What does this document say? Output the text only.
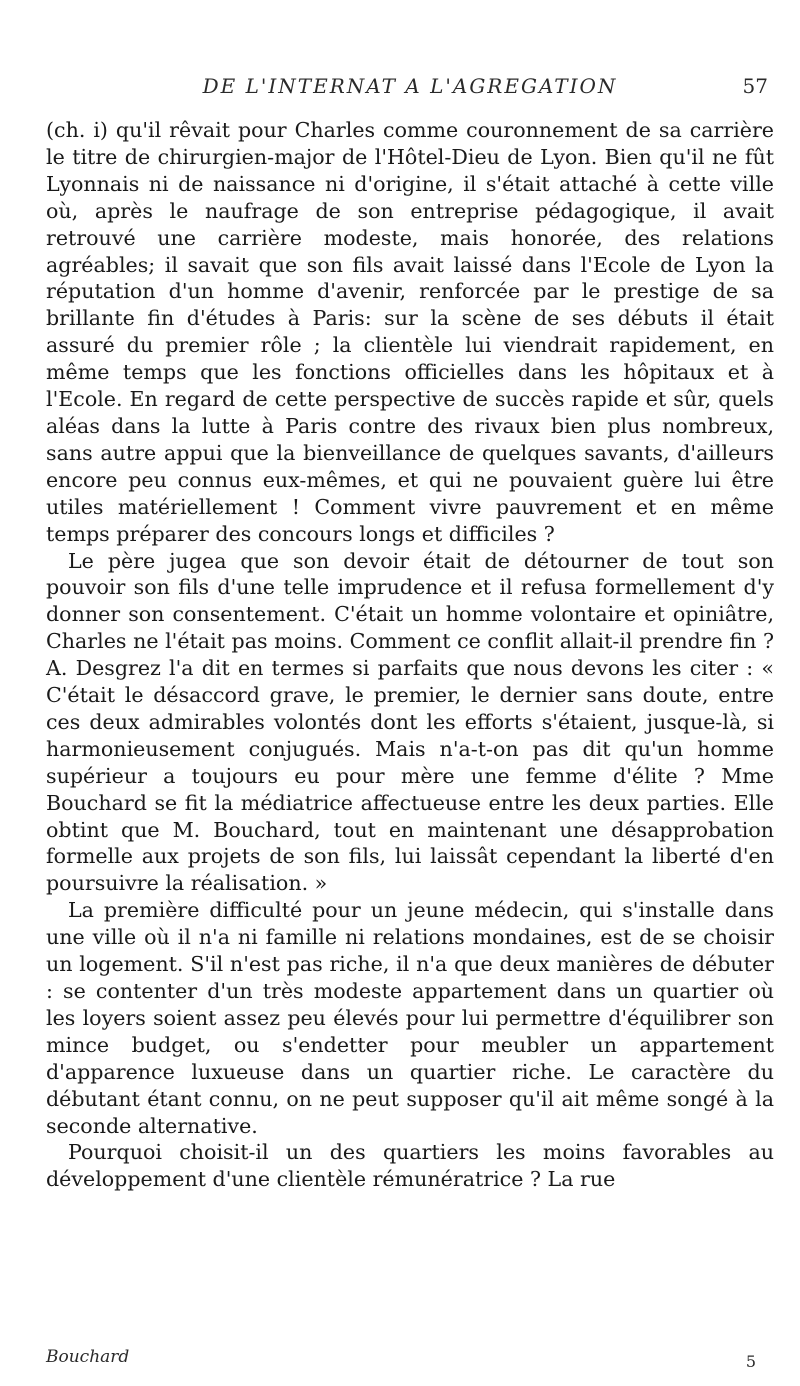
DE L'INTERNAT A L'AGREGATION	57

(ch. i) qu'il rêvait pour Charles comme couronnement de sa carrière le titre de chirurgien-major de l'Hôtel-Dieu de Lyon. Bien qu'il ne fût Lyonnais ni de naissance ni d'origine, il s'était attaché à cette ville où, après le naufrage de son entreprise pédagogique, il avait retrouvé une carrière modeste, mais honorée, des relations agréables; il savait que son fils avait laissé dans l'Ecole de Lyon la réputation d'un homme d'avenir, renforcée par le prestige de sa brillante fin d'études à Paris: sur la scène de ses débuts il était assuré du premier rôle ; la clientèle lui viendrait rapidement, en même temps que les fonctions officielles dans les hôpitaux et à l'Ecole. En regard de cette perspective de succès rapide et sûr, quels aléas dans la lutte à Paris contre des rivaux bien plus nombreux, sans autre appui que la bienveillance de quelques savants, d'ailleurs encore peu connus eux-mêmes, et qui ne pouvaient guère lui être utiles matériellement ! Comment vivre pauvrement et en même temps préparer des concours longs et difficiles ?

Le père jugea que son devoir était de détourner de tout son pouvoir son fils d'une telle imprudence et il refusa formellement d'y donner son consentement. C'était un homme volontaire et opiniâtre, Charles ne l'était pas moins. Comment ce conflit allait-il prendre fin ? A. Desgrez l'a dit en termes si parfaits que nous devons les citer : « C'était le désaccord grave, le premier, le dernier sans doute, entre ces deux admirables volontés dont les efforts s'étaient, jusque-là, si harmonieusement conjugués. Mais n'a-t-on pas dit qu'un homme supérieur a toujours eu pour mère une femme d'élite ? Mme Bouchard se fit la médiatrice affectueuse entre les deux parties. Elle obtint que M. Bouchard, tout en maintenant une désapprobation formelle aux projets de son fils, lui laissât cependant la liberté d'en poursuivre la réalisation. »

La première difficulté pour un jeune médecin, qui s'installe dans une ville où il n'a ni famille ni relations mondaines, est de se choisir un logement. S'il n'est pas riche, il n'a que deux manières de débuter : se contenter d'un très modeste appartement dans un quartier où les loyers soient assez peu élevés pour lui permettre d'équilibrer son mince budget, ou s'endetter pour meubler un appartement d'apparence luxueuse dans un quartier riche. Le caractère du débutant étant connu, on ne peut supposer qu'il ait même songé à la seconde alternative.

Pourquoi choisit-il un des quartiers les moins favorables au développement d'une clientèle rémunératrice ? La rue

Bouchard	5
